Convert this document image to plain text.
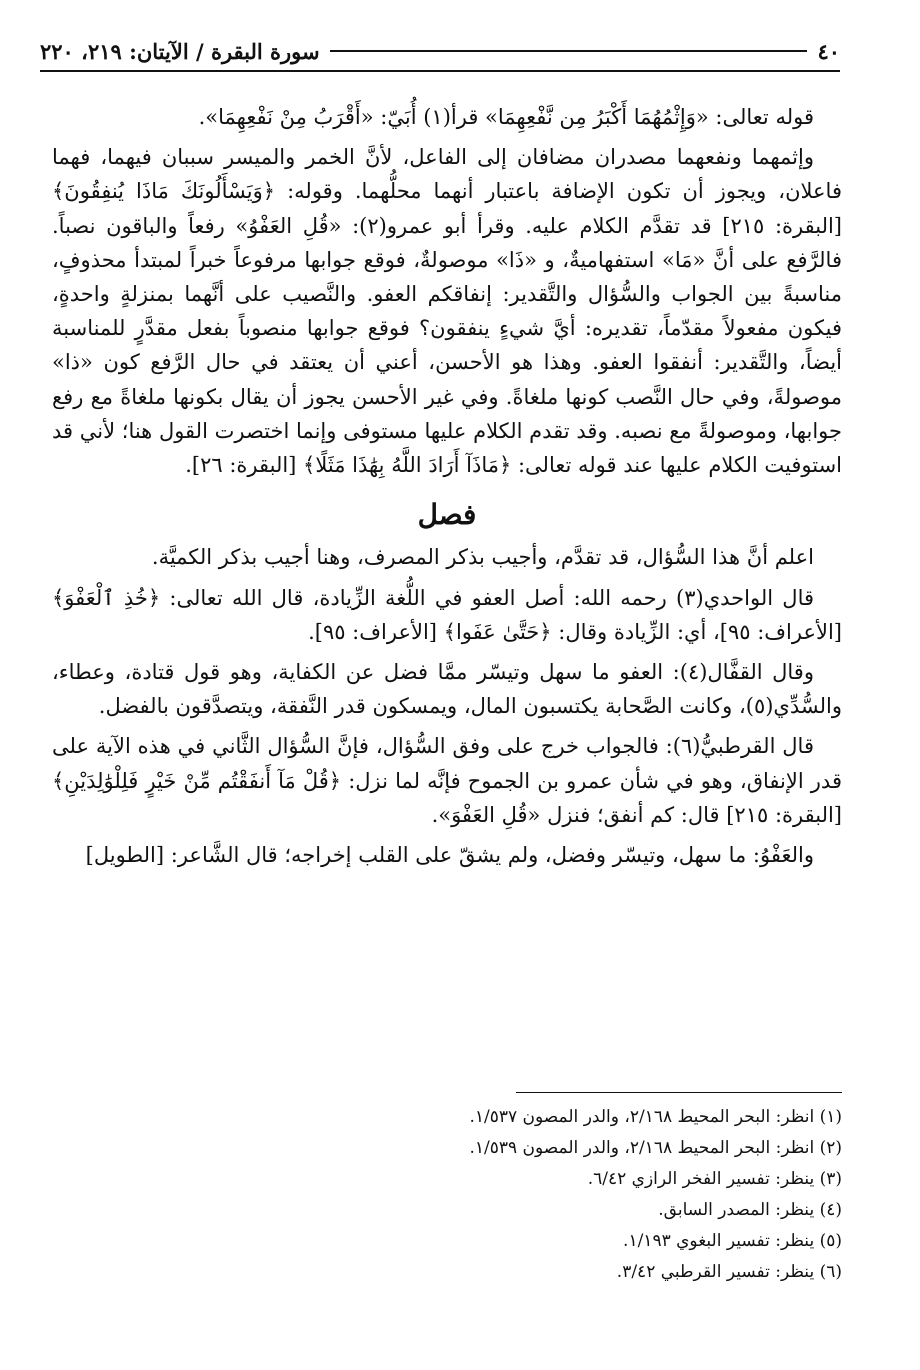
٤٠
سورة البقرة / الآيتان: ٢١٩، ٢٢٠

قوله تعالى: «وَإِثْمُهُمَا أَكْبَرُ مِن نَّفْعِهِمَا» قرأ(١) أُبَيّ: «أَقْرَبُ مِنْ نَفْعِهِمَا».

وإثمهما ونفعهما مصدران مضافان إلى الفاعل، لأنَّ الخمر والميسر سببان فيهما، فهما فاعلان، ويجوز أن تكون الإضافة باعتبار أنهما محلُّهما. وقوله: ﴿وَيَسْأَلُونَكَ مَاذَا يُنفِقُونَ﴾ [البقرة: ٢١٥] قد تقدَّم الكلام عليه. وقرأ أبو عمرو(٢): «قُلِ العَفْوُ» رفعاً والباقون نصباً. فالرَّفع على أنَّ «مَا» استفهاميةٌ، و «ذَا» موصولةٌ، فوقع جوابها مرفوعاً خبراً لمبتدأ محذوفٍ، مناسبةً بين الجواب والسُّؤال والتَّقدير: إنفاقكم العفو. والنَّصيب على أنَّهما بمنزلةٍ واحدةٍ، فيكون مفعولاً مقدّماً، تقديره: أيَّ شيءٍ ينفقون؟ فوقع جوابها منصوباً بفعل مقدَّرٍ للمناسبة أيضاً، والتَّقدير: أنفقوا العفو. وهذا هو الأحسن، أعني أن يعتقد في حال الرَّفع كون «ذا» موصولةً، وفي حال النَّصب كونها ملغاةً. وفي غير الأحسن يجوز أن يقال بكونها ملغاةً مع رفع جوابها، وموصولةً مع نصبه. وقد تقدم الكلام عليها مستوفى وإنما اختصرت القول هنا؛ لأني قد استوفيت الكلام عليها عند قوله تعالى: ﴿مَاذَآ أَرَادَ اللَّهُ بِهَٰذَا مَثَلًا﴾ [البقرة: ٢٦].

فصل

اعلم أنَّ هذا السُّؤال، قد تقدَّم، وأجيب بذكر المصرف، وهنا أجيب بذكر الكميَّة.

قال الواحدي(٣) رحمه الله: أصل العفو في اللُّغة الزِّيادة، قال الله تعالى: ﴿خُذِ ٱلْعَفْوَ﴾ [الأعراف: ٩٥]، أي: الزِّيادة وقال: ﴿حَتَّىٰ عَفَوا﴾ [الأعراف: ٩٥].

وقال القفَّال(٤): العفو ما سهل وتيسّر ممَّا فضل عن الكفاية، وهو قول قتادة، وعطاء، والسُّدِّي(٥)، وكانت الصَّحابة يكتسبون المال، ويمسكون قدر النَّفقة، ويتصدَّقون بالفضل.

قال القرطبيُّ(٦): فالجواب خرج على وفق السُّؤال، فإنَّ السُّؤال الثَّاني في هذه الآية على قدر الإنفاق، وهو في شأن عمرو بن الجموح فإنَّه لما نزل: ﴿قُلْ مَآ أَنفَقْتُم مِّنْ خَيْرٍ فَلِلْوَٰلِدَيْنِ﴾ [البقرة: ٢١٥] قال: كم أنفق؛ فنزل «قُلِ العَفْوَ».

والعَفْوُ: ما سهل، وتيسّر وفضل، ولم يشقّ على القلب إخراجه؛ قال الشَّاعر: [الطويل]

(١) انظر: البحر المحيط ٢/١٦٨، والدر المصون ١/٥٣٧.
(٢) انظر: البحر المحيط ٢/١٦٨، والدر المصون ١/٥٣٩.
(٣) ينظر: تفسير الفخر الرازي ٦/٤٢.
(٤) ينظر: المصدر السابق.
(٥) ينظر: تفسير البغوي ١/١٩٣.
(٦) ينظر: تفسير القرطبي ٣/٤٢.
